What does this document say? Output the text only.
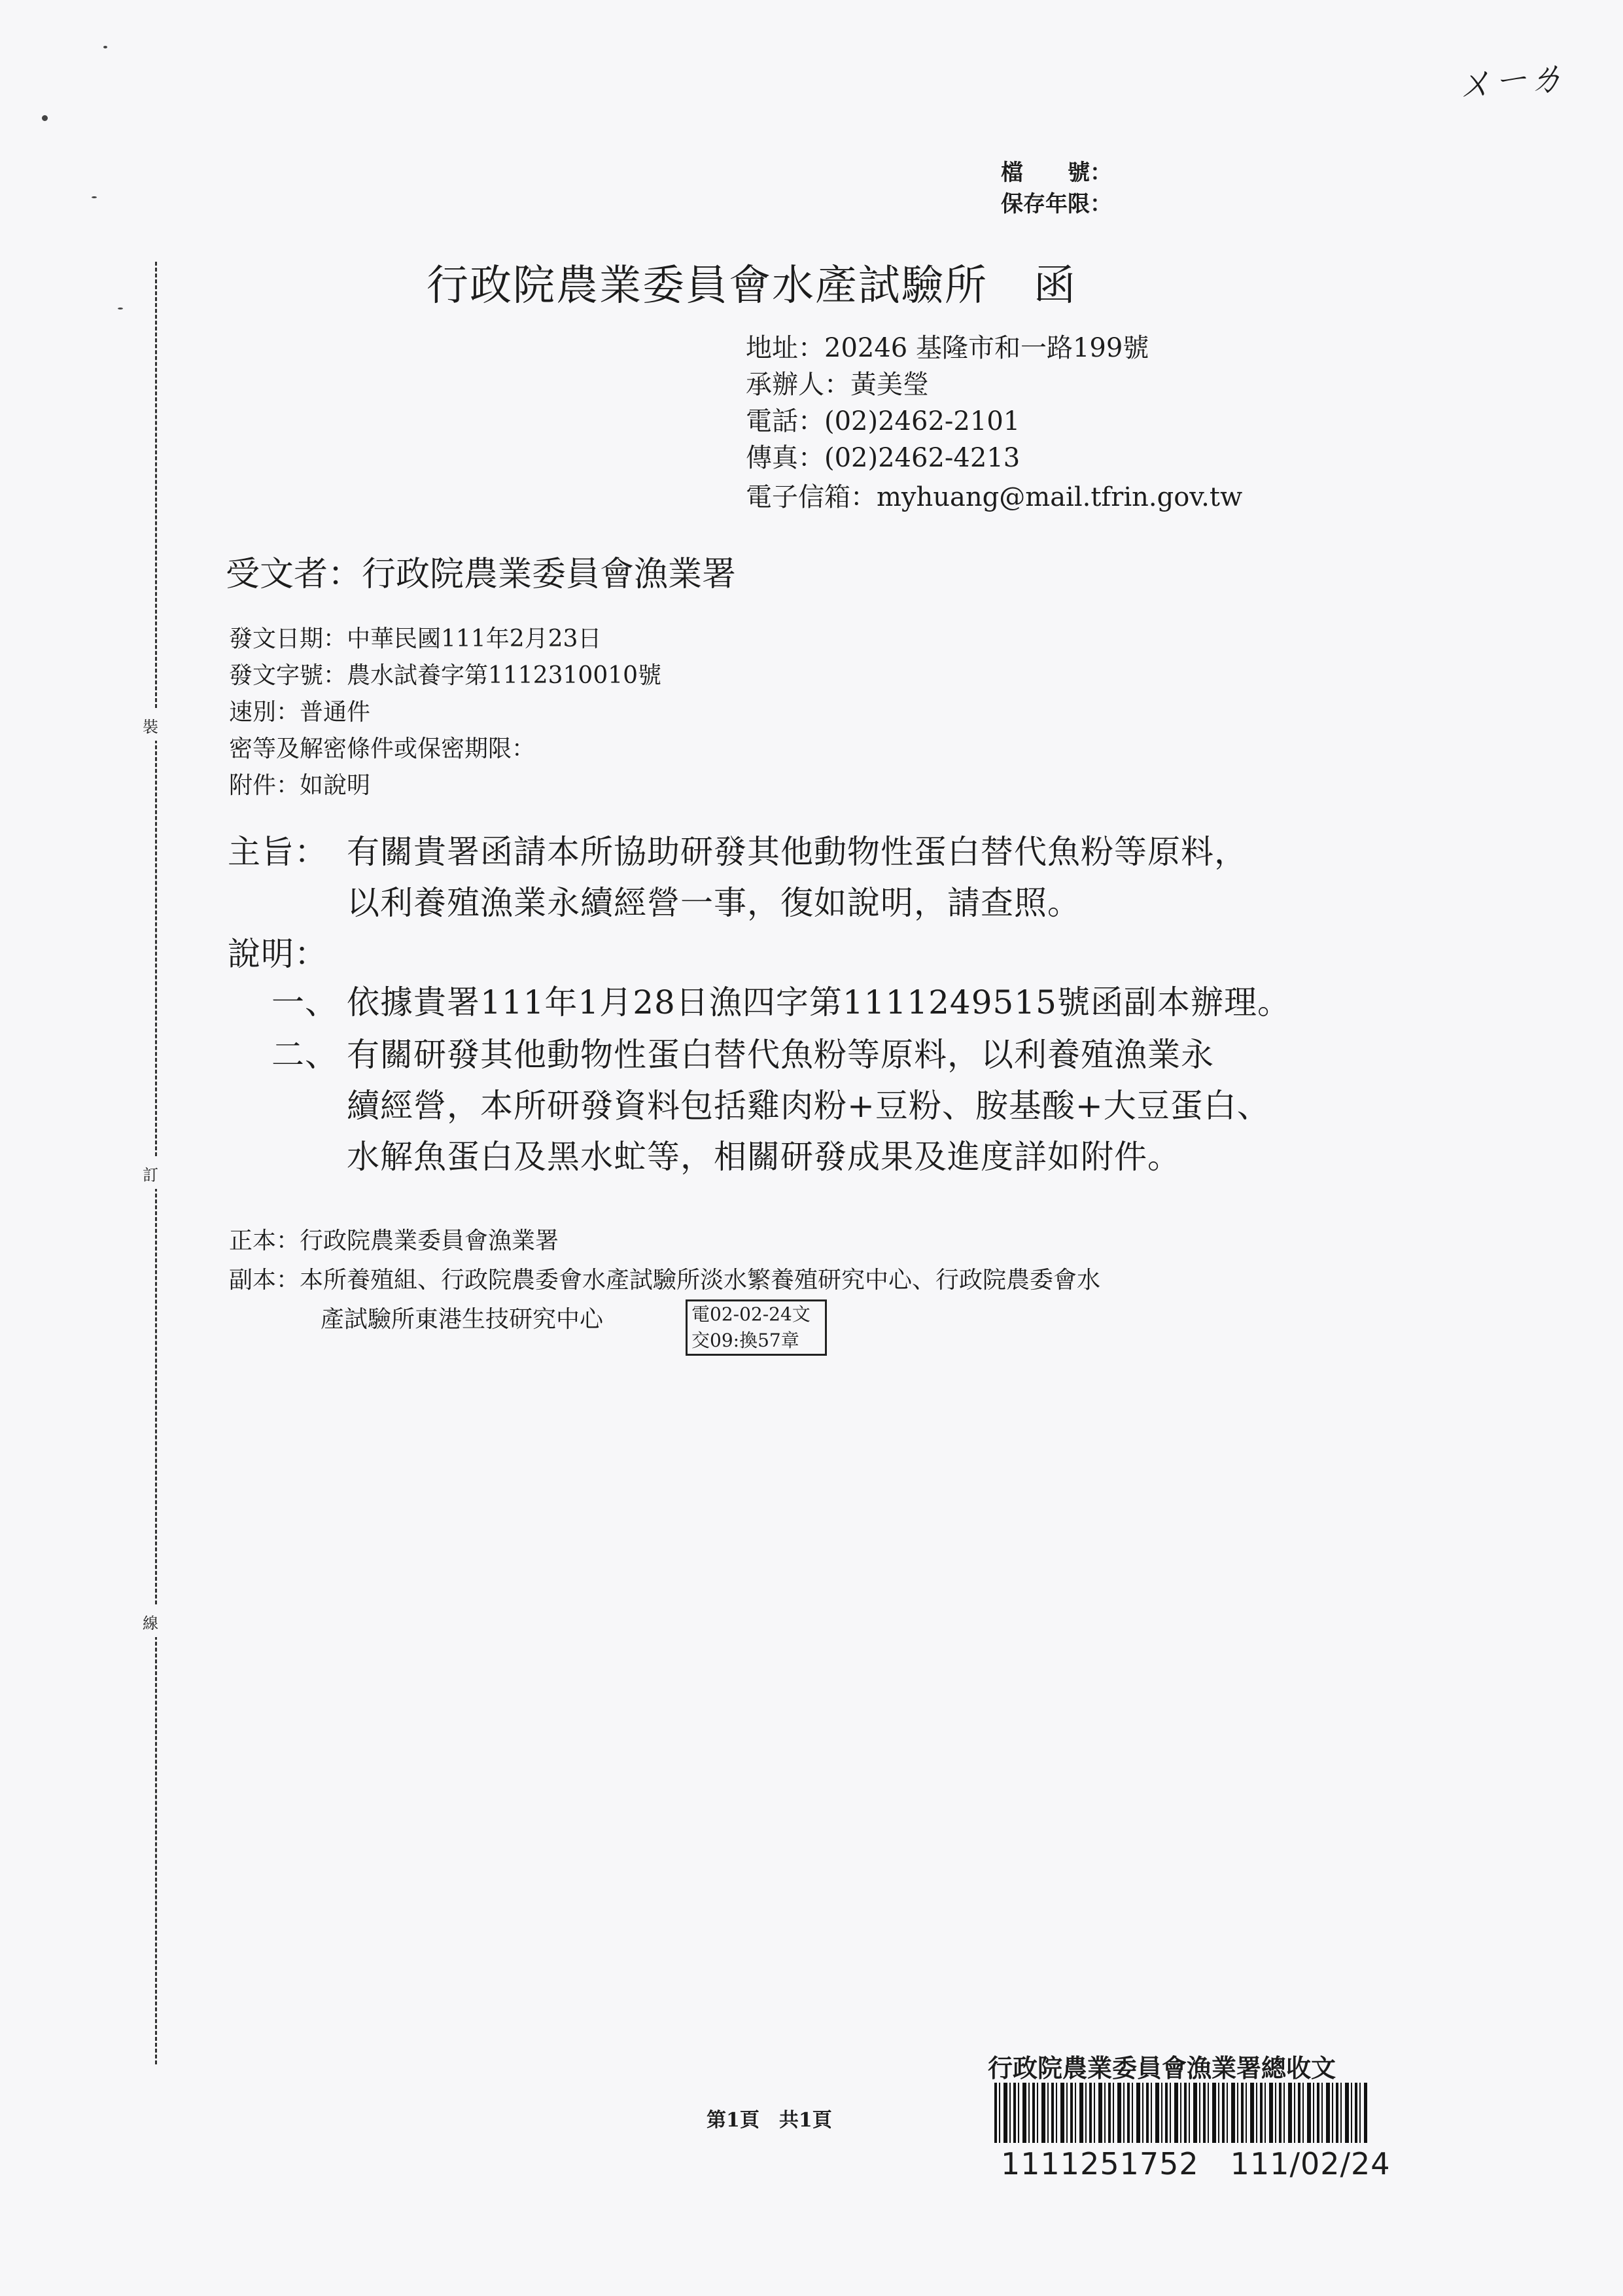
裝
訂
線
ㄨㄧㄌ
檔　　號：
保存年限：
行政院農業委員會水產試驗所 函
地址：20246 基隆市和一路199號
承辦人：黃美瑩
電話：(02)2462-2101
傳真：(02)2462-4213
電子信箱：myhuang@mail.tfrin.gov.tw
受文者：行政院農業委員會漁業署
發文日期：中華民國111年2月23日
發文字號：農水試養字第1112310010號
速別：普通件
密等及解密條件或保密期限：
附件：如說明
主旨： 有關貴署函請本所協助研發其他動物性蛋白替代魚粉等原料，
以利養殖漁業永續經營一事，復如說明，請查照。
說明：
一、 依據貴署111年1月28日漁四字第1111249515號函副本辦理。
二、 有關研發其他動物性蛋白替代魚粉等原料，以利養殖漁業永
續經營，本所研發資料包括雞肉粉+豆粉、胺基酸+大豆蛋白、
水解魚蛋白及黑水虻等，相關研發成果及進度詳如附件。
正本：行政院農業委員會漁業署
副本：本所養殖組、行政院農委會水產試驗所淡水繁養殖研究中心、行政院農委會水
產試驗所東港生技研究中心	電02-02-24文
交09:換57章
第1頁　共1頁
行政院農業委員會漁業署總收文
1111251752 111/02/24
